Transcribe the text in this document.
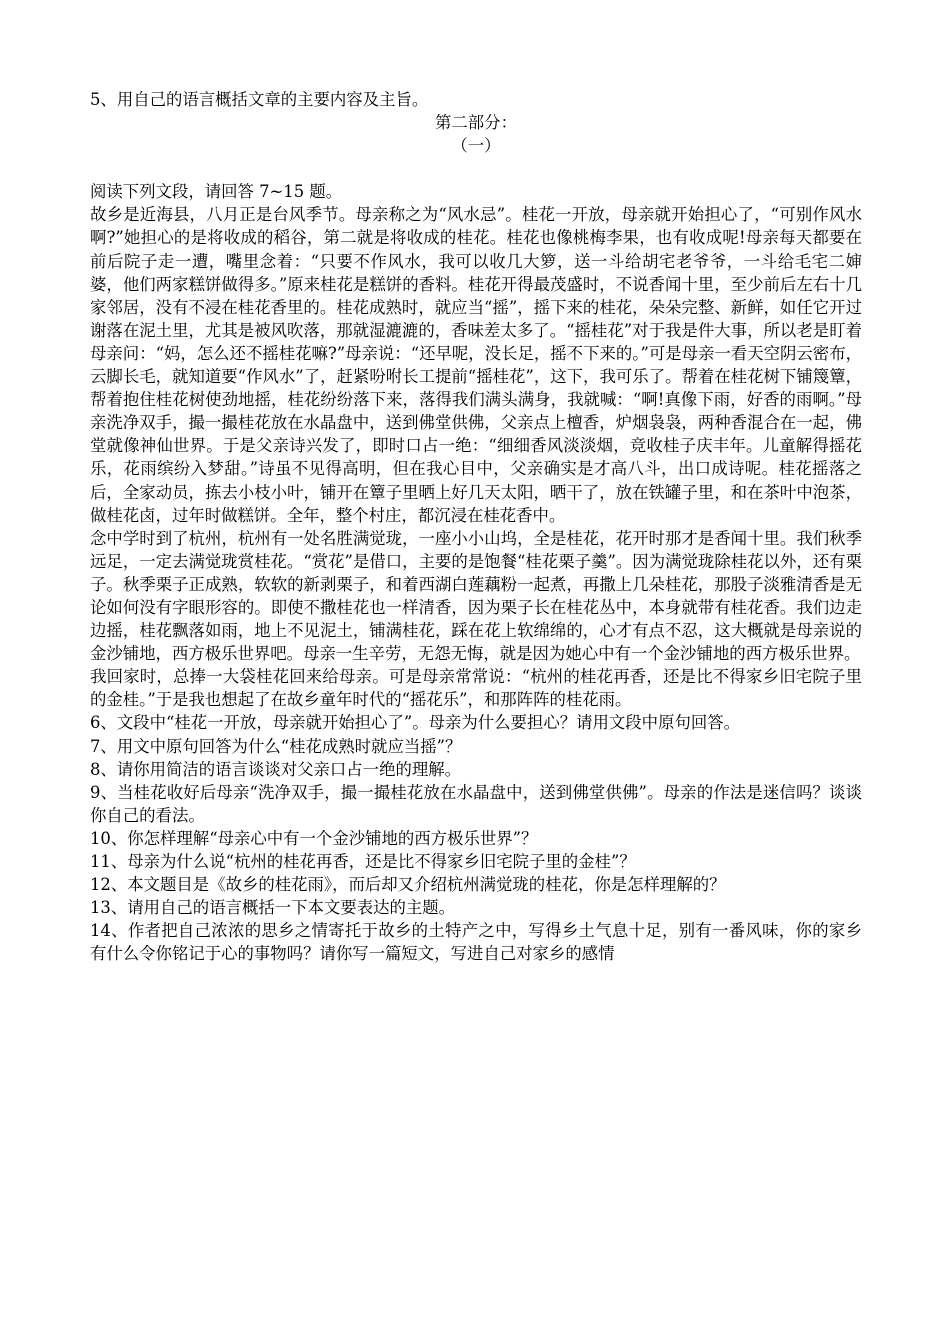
5、用自己的语言概括文章的主要内容及主旨。

第二部分：

（一）

阅读下列文段，请回答 7~15 题。

故乡是近海县，八月正是台风季节。母亲称之为“风水忌”。桂花一开放，母亲就开始担心了，“可别作风水啊?”她担心的是将收成的稻谷，第二就是将收成的桂花。桂花也像桃梅李果，也有收成呢!母亲每天都要在前后院子走一遭，嘴里念着：“只要不作风水，我可以收几大箩，送一斗给胡宅老爷爷，一斗给毛宅二婶婆，他们两家糕饼做得多。”原来桂花是糕饼的香料。桂花开得最茂盛时，不说香闻十里，至少前后左右十几家邻居，没有不浸在桂花香里的。桂花成熟时，就应当“摇”，摇下来的桂花，朵朵完整、新鲜，如任它开过谢落在泥土里，尤其是被风吹落，那就湿漉漉的，香味差太多了。“摇桂花”对于我是件大事，所以老是盯着母亲问：“妈，怎么还不摇桂花嘛?”母亲说：“还早呢，没长足，摇不下来的。”可是母亲一看天空阴云密布，云脚长毛，就知道要“作风水”了，赶紧吩咐长工提前“摇桂花”，这下，我可乐了。帮着在桂花树下铺篾簟，帮着抱住桂花树使劲地摇，桂花纷纷落下来，落得我们满头满身，我就喊：“啊!真像下雨，好香的雨啊。”母亲洗净双手，撮一撮桂花放在水晶盘中，送到佛堂供佛，父亲点上檀香，炉烟袅袅，两种香混合在一起，佛堂就像神仙世界。于是父亲诗兴发了，即时口占一绝：“细细香风淡淡烟，竞收桂子庆丰年。儿童解得摇花乐，花雨缤纷入梦甜。”诗虽不见得高明，但在我心目中，父亲确实是才高八斗，出口成诗呢。桂花摇落之后，全家动员，拣去小枝小叶，铺开在簟子里晒上好几天太阳，晒干了，放在铁罐子里，和在茶叶中泡茶，做桂花卤，过年时做糕饼。全年，整个村庄，都沉浸在桂花香中。

念中学时到了杭州，杭州有一处名胜满觉珑，一座小小山坞，全是桂花，花开时那才是香闻十里。我们秋季远足，一定去满觉珑赏桂花。“赏花”是借口，主要的是饱餐“桂花栗子羹”。因为满觉珑除桂花以外，还有栗子。秋季栗子正成熟，软软的新剥栗子，和着西湖白莲藕粉一起煮，再撒上几朵桂花，那股子淡雅清香是无论如何没有字眼形容的。即使不撒桂花也一样清香，因为栗子长在桂花丛中，本身就带有桂花香。我们边走边摇，桂花飘落如雨，地上不见泥土，铺满桂花，踩在花上软绵绵的，心才有点不忍，这大概就是母亲说的金沙铺地，西方极乐世界吧。母亲一生辛劳，无怨无悔，就是因为她心中有一个金沙铺地的西方极乐世界。

我回家时，总捧一大袋桂花回来给母亲。可是母亲常常说：“杭州的桂花再香，还是比不得家乡旧宅院子里的金桂。”于是我也想起了在故乡童年时代的“摇花乐”，和那阵阵的桂花雨。

6、文段中“桂花一开放，母亲就开始担心了”。母亲为什么要担心？请用文段中原句回答。

7、用文中原句回答为什么“桂花成熟时就应当摇”？

8、请你用简洁的语言谈谈对父亲口占一绝的理解。

9、当桂花收好后母亲“洗净双手，撮一撮桂花放在水晶盘中，送到佛堂供佛”。母亲的作法是迷信吗？谈谈你自己的看法。

10、你怎样理解“母亲心中有一个金沙铺地的西方极乐世界”？

11、母亲为什么说“杭州的桂花再香，还是比不得家乡旧宅院子里的金桂”？

12、本文题目是《故乡的桂花雨》，而后却又介绍杭州满觉珑的桂花，你是怎样理解的？

13、请用自己的语言概括一下本文要表达的主题。

14、作者把自己浓浓的思乡之情寄托于故乡的土特产之中，写得乡土气息十足，别有一番风味，你的家乡有什么令你铭记于心的事物吗？请你写一篇短文，写进自己对家乡的感情
